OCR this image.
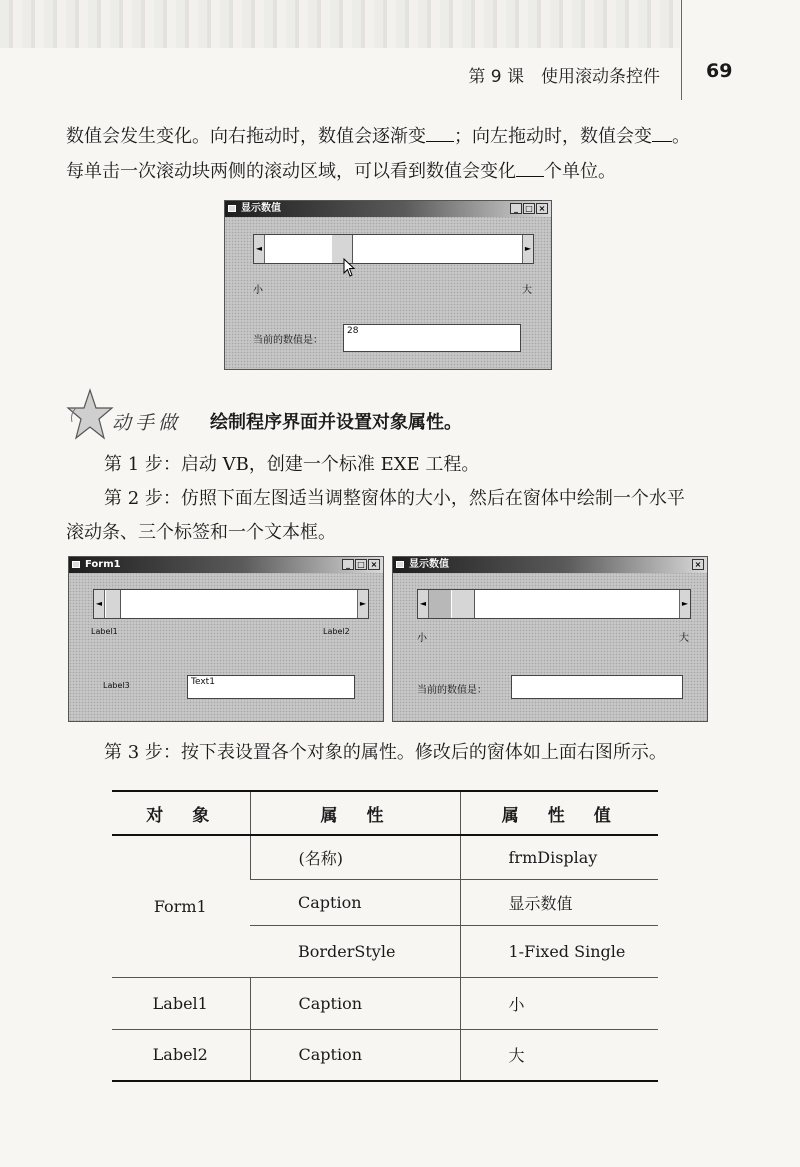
第 9 课　使用滚动条控件 69

数值会发生变化。向右拖动时，数值会逐渐变 ；向左拖动时，数值会变 。

每单击一次滚动块两侧的滚动区域，可以看到数值会变化 个单位。

显示数值	_ □ ×
◄	►
小	大
当前的数值是：
28
动手做 绘制程序界面并设置对象属性。

第 1 步：启动 VB，创建一个标准 EXE 工程。

第 2 步：仿照下面左图适当调整窗体的大小，然后在窗体中绘制一个水平

滚动条、三个标签和一个文本框。

Form1	_ □ ×
◄	►
Label1	Label2
Label3	Text1
显示数值	×
◄	►
小	大
当前的数值是：

第 3 步：按下表设置各个对象的属性。修改后的窗体如上面右图所示。

对　象	属　性	属　性　值
Form1	(名称)	frmDisplay
	Caption	显示数值
	BorderStyle	1-Fixed Single
Label1	Caption	小
Label2	Caption	大
